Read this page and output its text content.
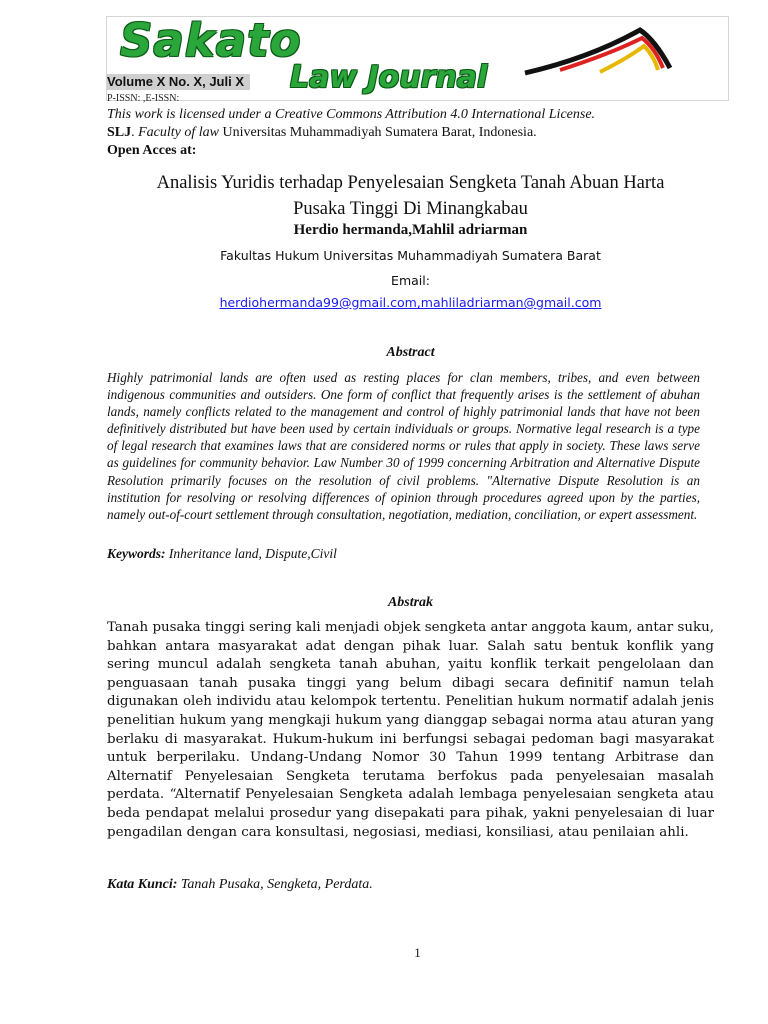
Sakato
Law Journal
Volume X No. X, Juli X
P-ISSN: ,E-ISSN:
This work is licensed under a Creative Commons Attribution 4.0 International License.
SLJ. Faculty of law Universitas Muhammadiyah Sumatera Barat, Indonesia.
Open Acces at:
Analisis Yuridis terhadap Penyelesaian Sengketa Tanah Abuan Harta
Pusaka Tinggi Di Minangkabau
Herdio hermanda,Mahlil adriarman
Fakultas Hukum Universitas Muhammadiyah Sumatera Barat
Email:
herdiohermanda99@gmail.com,mahliladriarman@gmail.com
Abstract
Highly patrimonial lands are often used as resting places for clan members, tribes, and even between indigenous communities and outsiders. One form of conflict that frequently arises is the settlement of abuhan lands, namely conflicts related to the management and control of highly patrimonial lands that have not been definitively distributed but have been used by certain individuals or groups. Normative legal research is a type of legal research that examines laws that are considered norms or rules that apply in society. These laws serve as guidelines for community behavior. Law Number 30 of 1999 concerning Arbitration and Alternative Dispute Resolution primarily focuses on the resolution of civil problems. "Alternative Dispute Resolution is an institution for resolving or resolving differences of opinion through procedures agreed upon by the parties, namely out-of-court settlement through consultation, negotiation, mediation, conciliation, or expert assessment.
Keywords: Inheritance land, Dispute,Civil
Abstrak
Tanah pusaka tinggi sering kali menjadi objek sengketa antar anggota kaum, antar suku, bahkan antara masyarakat adat dengan pihak luar. Salah satu bentuk konflik yang sering muncul adalah sengketa tanah abuhan, yaitu konflik terkait pengelolaan dan penguasaan tanah pusaka tinggi yang belum dibagi secara definitif namun telah digunakan oleh individu atau kelompok tertentu. Penelitian hukum normatif adalah jenis penelitian hukum yang mengkaji hukum yang dianggap sebagai norma atau aturan yang berlaku di masyarakat. Hukum-hukum ini berfungsi sebagai pedoman bagi masyarakat untuk berperilaku. Undang-Undang Nomor 30 Tahun 1999 tentang Arbitrase dan Alternatif Penyelesaian Sengketa terutama berfokus pada penyelesaian masalah perdata. “Alternatif Penyelesaian Sengketa adalah lembaga penyelesaian sengketa atau beda pendapat melalui prosedur yang disepakati para pihak, yakni penyelesaian di luar pengadilan dengan cara konsultasi, negosiasi, mediasi, konsiliasi, atau penilaian ahli.
Kata Kunci: Tanah Pusaka, Sengketa, Perdata.
1
